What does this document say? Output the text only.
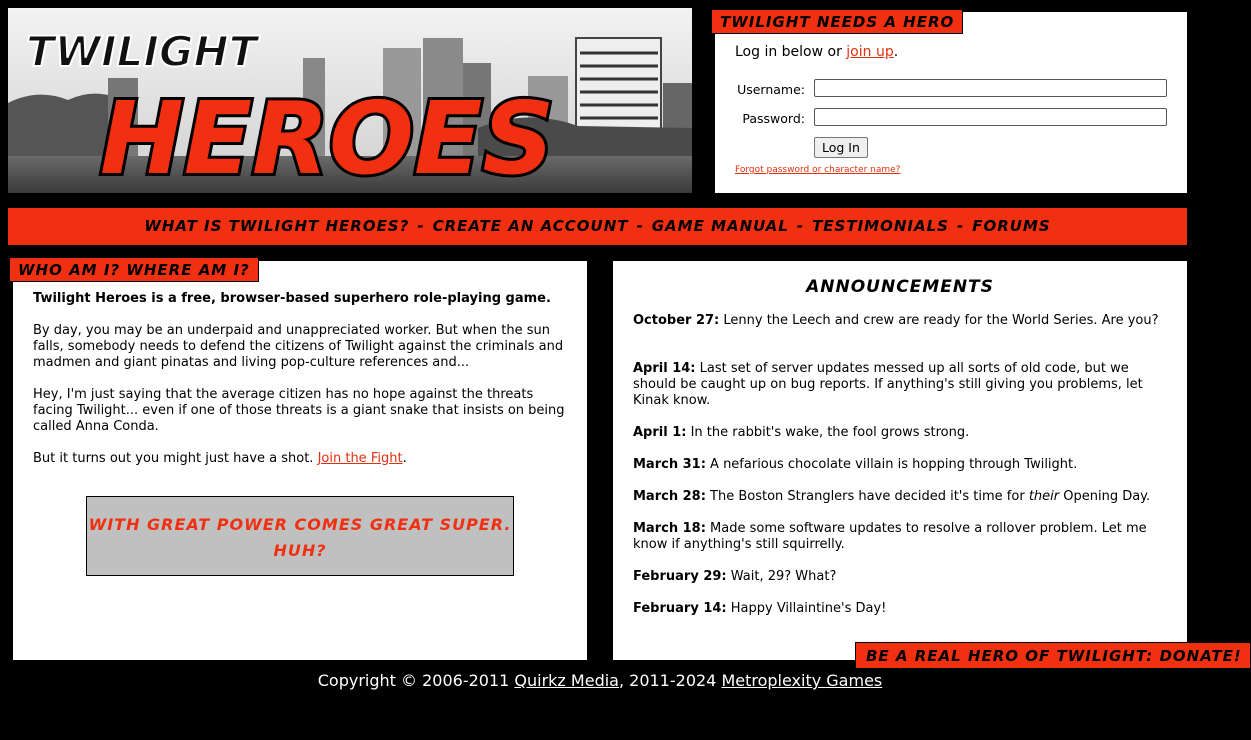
TWILIGHT
HEROES
Log in below or join up.
Username:
Password:
Log In
Forgot password or character name?
TWILIGHT NEEDS A HERO
WHAT IS TWILIGHT HEROES? - CREATE AN ACCOUNT - GAME MANUAL - TESTIMONIALS - FORUMS
Twilight Heroes is a free, browser-based superhero role-playing game.
By day, you may be an underpaid and unappreciated worker. But when the sun falls, somebody needs to defend the citizens of Twilight against the criminals and madmen and giant pinatas and living pop-culture references and...
Hey, I'm just saying that the average citizen has no hope against the threats facing Twilight... even if one of those threats is a giant snake that insists on being called Anna Conda.
But it turns out you might just have a shot. Join the Fight.
WITH GREAT POWER COMES GREAT SUPER.
HUH?
WHO AM I? WHERE AM I?
ANNOUNCEMENTS
October 27: Lenny the Leech and crew are ready for the World Series. Are you?
April 14: Last set of server updates messed up all sorts of old code, but we should be caught up on bug reports. If anything's still giving you problems, let Kinak know.
April 1: In the rabbit's wake, the fool grows strong.
March 31: A nefarious chocolate villain is hopping through Twilight.
March 28: The Boston Stranglers have decided it's time for their Opening Day.
March 18: Made some software updates to resolve a rollover problem. Let me know if anything's still squirrelly.
February 29: Wait, 29? What?
February 14: Happy Villaintine's Day!
BE A REAL HERO OF TWILIGHT: DONATE!
Copyright © 2006-2011 Quirkz Media, 2011-2024 Metroplexity Games
